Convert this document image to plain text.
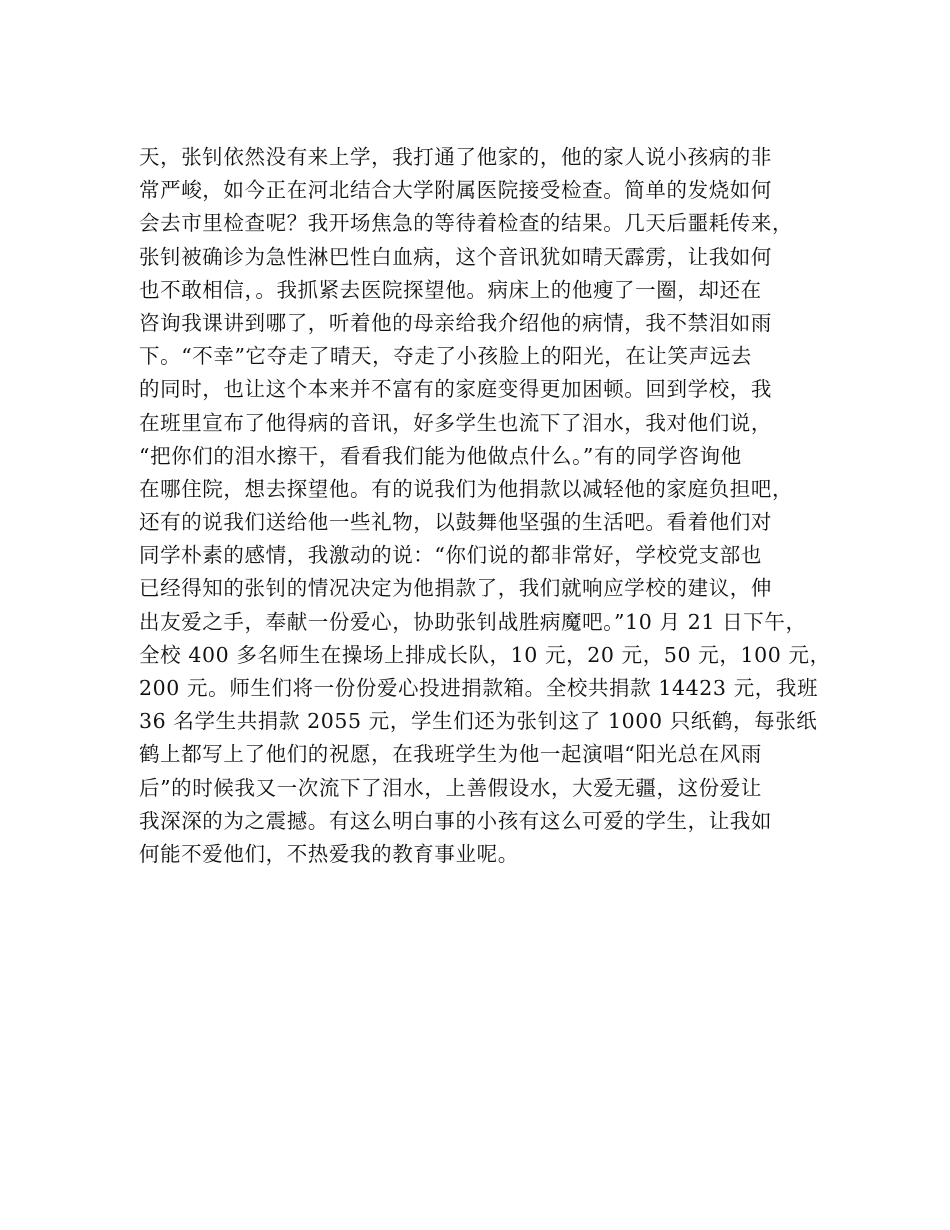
天，张钊依然没有来上学，我打通了他家的，他的家人说小孩病的非
常严峻，如今正在河北结合大学附属医院接受检查。简单的发烧如何
会去市里检查呢？我开场焦急的等待着检查的结果。几天后噩耗传来，
张钊被确诊为急性淋巴性白血病，这个音讯犹如晴天霹雳，让我如何
也不敢相信，。我抓紧去医院探望他。病床上的他瘦了一圈，却还在
咨询我课讲到哪了，听着他的母亲给我介绍他的病情，我不禁泪如雨
下。“不幸”它夺走了晴天，夺走了小孩脸上的阳光，在让笑声远去
的同时，也让这个本来并不富有的家庭变得更加困顿。回到学校，我
在班里宣布了他得病的音讯，好多学生也流下了泪水，我对他们说，
“把你们的泪水擦干，看看我们能为他做点什么。”有的同学咨询他
在哪住院，想去探望他。有的说我们为他捐款以减轻他的家庭负担吧，
还有的说我们送给他一些礼物，以鼓舞他坚强的生活吧。看着他们对
同学朴素的感情，我激动的说：“你们说的都非常好，学校党支部也
已经得知的张钊的情况决定为他捐款了，我们就响应学校的建议，伸
出友爱之手，奉献一份爱心，协助张钊战胜病魔吧。”10 月 21 日下午，
全校 400 多名师生在操场上排成长队，10 元，20 元，50 元，100 元，
200 元。师生们将一份份爱心投进捐款箱。全校共捐款 14423 元，我班
36 名学生共捐款 2055 元，学生们还为张钊这了 1000 只纸鹤，每张纸
鹤上都写上了他们的祝愿，在我班学生为他一起演唱“阳光总在风雨
后”的时候我又一次流下了泪水，上善假设水，大爱无疆，这份爱让
我深深的为之震撼。有这么明白事的小孩有这么可爱的学生，让我如
何能不爱他们，不热爱我的教育事业呢。
